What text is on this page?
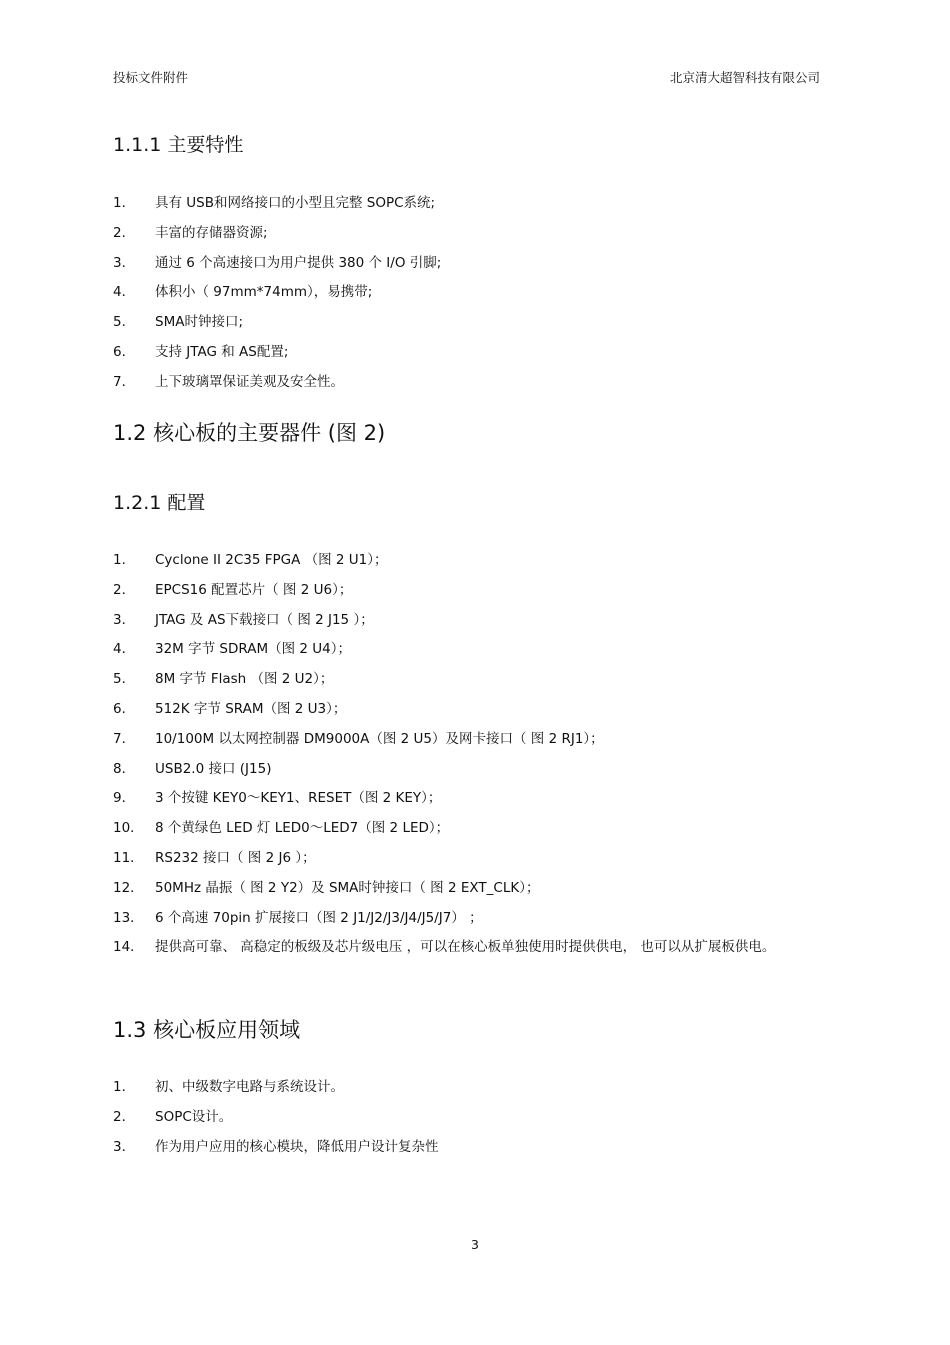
投标文件附件	北京清大超智科技有限公司
1.1.1 主要特性
1．	具有 USB和网络接口的小型且完整 SOPC系统;
2．	丰富的存储器资源;
3．	通过 6 个高速接口为用户提供 380 个 I/O 引脚;
4．	体积小（ 97mm*74mm），易携带;
5．	SMA时钟接口;
6．	支持 JTAG 和 AS配置;
7．	上下玻璃罩保证美观及安全性。
1.2 核心板的主要器件 (图 2)
1.2.1 配置
1．	Cyclone II 2C35 FPGA （图 2 U1）；
2．	EPCS16 配置芯片（ 图 2 U6）；
3．	JTAG 及 AS下载接口（ 图 2 J15 ）；
4．	32M 字节 SDRAM（图 2 U4）；
5．	8M 字节 Flash （图 2 U2）；
6．	512K 字节 SRAM（图 2 U3）；
7．	10/100M 以太网控制器 DM9000A（图 2 U5）及网卡接口（ 图 2 RJ1）；
8．	USB2.0 接口 (J15)
9．	3 个按键 KEY0～KEY1、RESET（图 2 KEY）；
10． 8 个黄绿色 LED 灯 LED0～LED7（图 2 LED）；
11． RS232 接口（ 图 2 J6 ）；
12． 50MHz 晶振（ 图 2 Y2）及 SMA时钟接口（ 图 2 EXT_CLK）；
13． 6 个高速 70pin 扩展接口（图 2 J1/J2/J3/J4/J5/J7） ；
14． 提供高可靠、 高稳定的板级及芯片级电压 ，可以在核心板单独使用时提供供电， 也可以从扩展板供电。
1.3 核心板应用领域
1．	初、中级数字电路与系统设计。
2．	SOPC设计。
3．	作为用户应用的核心模块，降低用户设计复杂性
3
